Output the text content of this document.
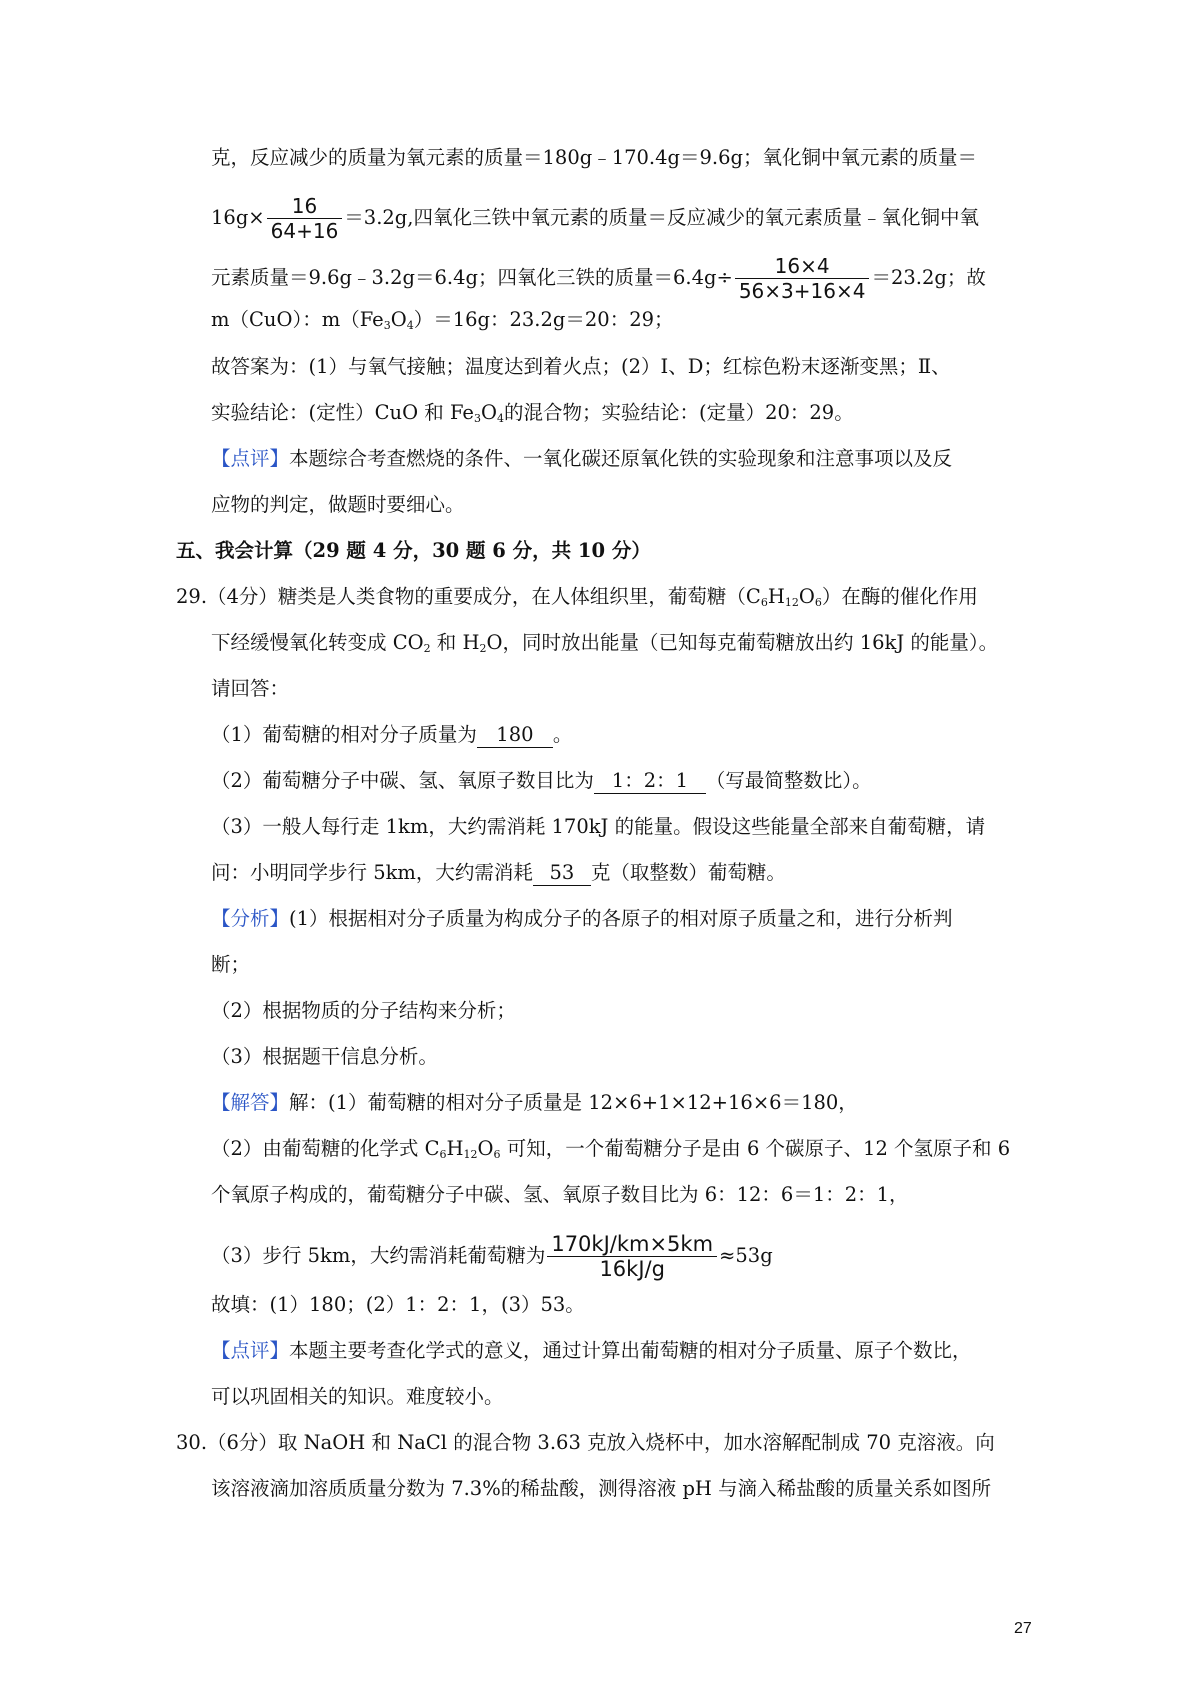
克，反应减少的质量为氧元素的质量＝180g﹣170.4g＝9.6g；氧化铜中氧元素的质量＝
$16g\times \frac{16}{64+16} =3.2g$,四氧化三铁中氧元素的质量＝反应减少的氧元素质量﹣氧化铜中氧
元素质量＝9.6g﹣3.2g＝6.4g；四氧化三铁的质量$=6.4g\div \frac{16\times 4}{56\times 3+16\times 4} =23.2g$；故
m（CuO）：$m(Fe_3O_4)=16g$：23.2g＝20：29；
故答案为：(1）与氧气接触；温度达到着火点；(2）Ⅰ、D；红棕色粉末逐渐变黑；Ⅱ、
实验结论：(定性）CuO 和 $Fe_3O_4$的混合物；实验结论：(定量）20：29。
【点评】本题综合考查燃烧的条件、一氧化碳还原氧化铁的实验现象和注意事项以及反
应物的判定，做题时要细心。
五、我会计算（29 题 4 分，30 题 6 分，共 10 分）
29.（4分）糖类是人类食物的重要成分，在人体组织里，葡萄糖$(C_6H_{12}O_6)$在酶的催化作用
下经缓慢氧化转变成 $CO_2$ 和 $H_2O$，同时放出能量（已知每克葡萄糖放出约 16kJ 的能量）。
请回答：
（1）葡萄糖的相对分子质量为 180 。
（2）葡萄糖分子中碳、氢、氧原子数目比为 1：2：1 （写最简整数比）。
（3）一般人每行走 1km，大约需消耗 170kJ 的能量。假设这些能量全部来自葡萄糖，请
问：小明同学步行 5km，大约需消耗 53 克（取整数）葡萄糖。
【分析】(1）根据相对分子质量为构成分子的各原子的相对原子质量之和，进行分析判
断；
（2）根据物质的分子结构来分析；
（3）根据题干信息分析。
【解答】解：(1）葡萄糖的相对分子质量是 12×6+1×12+16×6＝180，
（2）由葡萄糖的化学式 $C_6H_{12}O_6$ 可知，一个葡萄糖分子是由 6 个碳原子、12 个氢原子和 6
个氧原子构成的，葡萄糖分子中碳、氢、氧原子数目比为 6：12：6＝1：2：1，
（3）步行 5km，大约需消耗葡萄糖为 $\frac{170kJ/km\times 5km}{16kJ/g} \approx 53g$
故填：(1）180；(2）1：2：1，(3）53。
【点评】本题主要考查化学式的意义，通过计算出葡萄糖的相对分子质量、原子个数比，
可以巩固相关的知识。难度较小。
30.（6分）取 NaOH 和 NaCl 的混合物 3.63 克放入烧杯中，加水溶解配制成 70 克溶液。向
该溶液滴加溶质质量分数为 7.3%的稀盐酸，测得溶液 pH 与滴入稀盐酸的质量关系如图所
27
